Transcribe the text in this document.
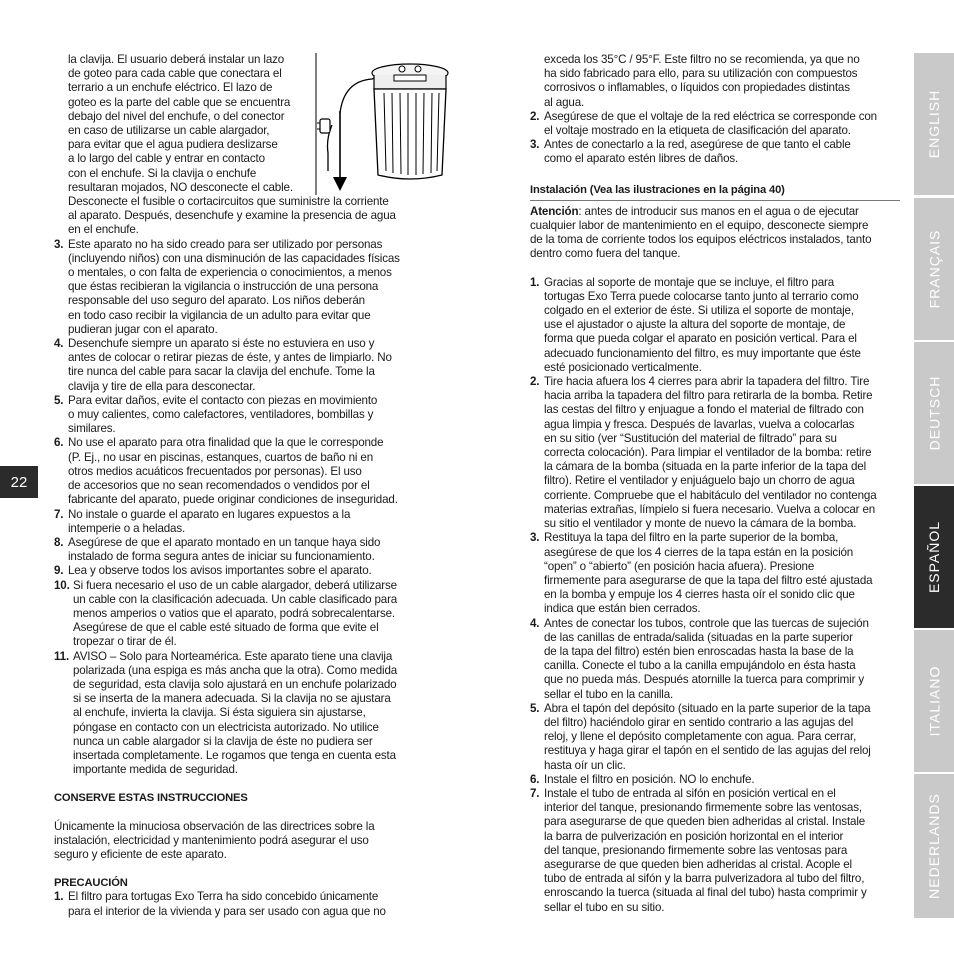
la clavija. El usuario deberá instalar un lazo
de goteo para cada cable que conectara el
terrario a un enchufe eléctrico. El lazo de
goteo es la parte del cable que se encuentra
debajo del nivel del enchufe, o del conector
en caso de utilizarse un cable alargador,
para evitar que el agua pudiera deslizarse
a lo largo del cable y entrar en contacto
con el enchufe. Si la clavija o enchufe
resultaran mojados, NO desconecte el cable.
Desconecte el fusible o cortacircuitos que suministre la corriente
al aparato. Después, desenchufe y examine la presencia de agua
en el enchufe.
3. Este aparato no ha sido creado para ser utilizado por personas
(incluyendo niños) con una disminución de las capacidades físicas
o mentales, o con falta de experiencia o conocimientos, a menos
que éstas recibieran la vigilancia o instrucción de una persona
responsable del uso seguro del aparato. Los niños deberán
en todo caso recibir la vigilancia de un adulto para evitar que
pudieran jugar con el aparato.
4. Desenchufe siempre un aparato si éste no estuviera en uso y
antes de colocar o retirar piezas de éste, y antes de limpiarlo. No
tire nunca del cable para sacar la clavija del enchufe. Tome la
clavija y tire de ella para desconectar.
5. Para evitar daños, evite el contacto con piezas en movimiento
o muy calientes, como calefactores, ventiladores, bombillas y
similares.
6. No use el aparato para otra finalidad que la que le corresponde
(P. Ej., no usar en piscinas, estanques, cuartos de baño ni en
otros medios acuáticos frecuentados por personas). El uso
de accesorios que no sean recomendados o vendidos por el
fabricante del aparato, puede originar condiciones de inseguridad.
7. No instale o guarde el aparato en lugares expuestos a la
intemperie o a heladas.
8. Asegúrese de que el aparato montado en un tanque haya sido
instalado de forma segura antes de iniciar su funcionamiento.
9. Lea y observe todos los avisos importantes sobre el aparato.
10. Si fuera necesario el uso de un cable alargador, deberá utilizarse
un cable con la clasificación adecuada. Un cable clasificado para
menos amperios o vatios que el aparato, podrá sobrecalentarse.
Asegúrese de que el cable esté situado de forma que evite el
tropezar o tirar de él.
11. AVISO – Solo para Norteamérica. Este aparato tiene una clavija
polarizada (una espiga es más ancha que la otra). Como medida
de seguridad, esta clavija solo ajustará en un enchufe polarizado
si se inserta de la manera adecuada. Si la clavija no se ajustara
al enchufe, invierta la clavija. Si ésta siguiera sin ajustarse,
póngase en contacto con un electricista autorizado. No utilice
nunca un cable alargador si la clavija de éste no pudiera ser
insertada completamente. Le rogamos que tenga en cuenta esta
importante medida de seguridad.
CONSERVE ESTAS INSTRUCCIONES
Únicamente la minuciosa observación de las directrices sobre la
instalación, electricidad y mantenimiento podrá asegurar el uso
seguro y eficiente de este aparato.
PRECAUCIÓN
1. El filtro para tortugas Exo Terra ha sido concebido únicamente
para el interior de la vivienda y para ser usado con agua que no
exceda los 35°C / 95°F. Este filtro no se recomienda, ya que no
ha sido fabricado para ello, para su utilización con compuestos
corrosivos o inflamables, o líquidos con propiedades distintas
al agua.
2. Asegúrese de que el voltaje de la red eléctrica se corresponde con
el voltaje mostrado en la etiqueta de clasificación del aparato.
3. Antes de conectarlo a la red, asegúrese de que tanto el cable
como el aparato estén libres de daños.
Instalación (Vea las ilustraciones en la página 40)
Atención: antes de introducir sus manos en el agua o de ejecutar
cualquier labor de mantenimiento en el equipo, desconecte siempre
de la toma de corriente todos los equipos eléctricos instalados, tanto
dentro como fuera del tanque.
1. Gracias al soporte de montaje que se incluye, el filtro para
tortugas Exo Terra puede colocarse tanto junto al terrario como
colgado en el exterior de éste. Si utiliza el soporte de montaje,
use el ajustador o ajuste la altura del soporte de montaje, de
forma que pueda colgar el aparato en posición vertical. Para el
adecuado funcionamiento del filtro, es muy importante que éste
esté posicionado verticalmente.
2. Tire hacia afuera los 4 cierres para abrir la tapadera del filtro. Tire
hacia arriba la tapadera del filtro para retirarla de la bomba. Retire
las cestas del filtro y enjuague a fondo el material de filtrado con
agua limpia y fresca. Después de lavarlas, vuelva a colocarlas
en su sitio (ver “Sustitución del material de filtrado” para su
correcta colocación). Para limpiar el ventilador de la bomba: retire
la cámara de la bomba (situada en la parte inferior de la tapa del
filtro). Retire el ventilador y enjuáguelo bajo un chorro de agua
corriente. Compruebe que el habitáculo del ventilador no contenga
materias extrañas, límpielo si fuera necesario. Vuelva a colocar en
su sitio el ventilador y monte de nuevo la cámara de la bomba.
3. Restituya la tapa del filtro en la parte superior de la bomba,
asegúrese de que los 4 cierres de la tapa están en la posición
“open” o “abierto” (en posición hacia afuera). Presione
firmemente para asegurarse de que la tapa del filtro esté ajustada
en la bomba y empuje los 4 cierres hasta oír el sonido clic que
indica que están bien cerrados.
4. Antes de conectar los tubos, controle que las tuercas de sujeción
de las canillas de entrada/salida (situadas en la parte superior
de la tapa del filtro) estén bien enroscadas hasta la base de la
canilla. Conecte el tubo a la canilla empujándolo en ésta hasta
que no pueda más. Después atornille la tuerca para comprimir y
sellar el tubo en la canilla.
5. Abra el tapón del depósito (situado en la parte superior de la tapa
del filtro) haciéndolo girar en sentido contrario a las agujas del
reloj, y llene el depósito completamente con agua. Para cerrar,
restituya y haga girar el tapón en el sentido de las agujas del reloj
hasta oír un clic.
6. Instale el filtro en posición. NO lo enchufe.
7. Instale el tubo de entrada al sifón en posición vertical en el
interior del tanque, presionando firmemente sobre las ventosas,
para asegurarse de que queden bien adheridas al cristal. Instale
la barra de pulverización en posición horizontal en el interior
del tanque, presionando firmemente sobre las ventosas para
asegurarse de que queden bien adheridas al cristal. Acople el
tubo de entrada al sifón y la barra pulverizadora al tubo del filtro,
enroscando la tuerca (situada al final del tubo) hasta comprimir y
sellar el tubo en su sitio.
22
ENGLISH
FRANÇAIS
DEUTSCH
ESPAÑOL
ITALIANO
NEDERLANDS
